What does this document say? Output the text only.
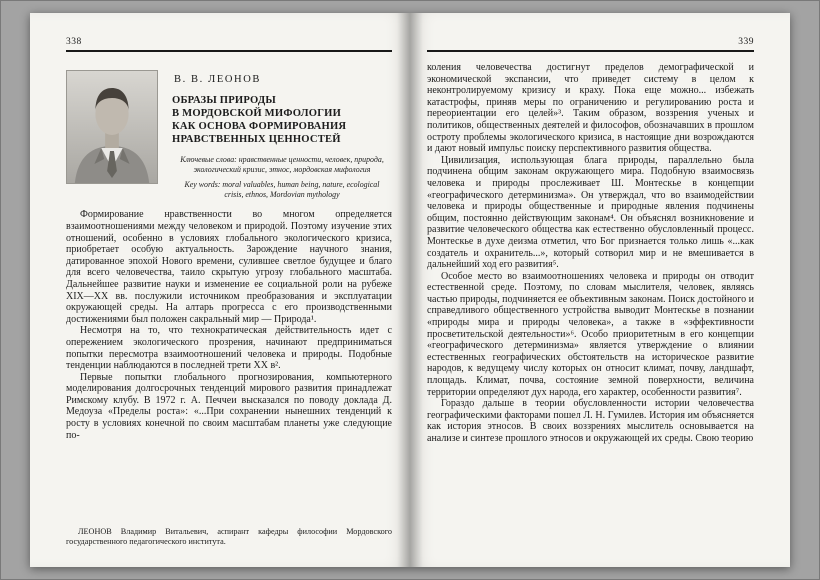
338
В. В. ЛЕОНОВ
ОБРАЗЫ ПРИРОДЫ
В МОРДОВСКОЙ МИФОЛОГИИ
КАК ОСНОВА ФОРМИРОВАНИЯ
НРАВСТВЕННЫХ ЦЕННОСТЕЙ

Ключевые слова: нравственные ценности, человек, природа, экологический кризис, этнос, мордовская мифология

Key words: moral valuables, human being, nature, ecological crisis, ethnos, Mordovian mythology

Формирование нравственности во многом определяется взаимоотношениями между человеком и природой. Поэтому изучение этих отношений, особенно в условиях глобального экологического кризиса, приобретает особую актуальность. Зарождение научного знания, датированное эпохой Нового времени, сулившее светлое будущее и благо для всего человечества, таило скрытую угрозу глобального масштаба. Дальнейшее развитие науки и изменение ее социальной роли на рубеже XIX—XX вв. послужили источником преобразования и эксплуатации окружающей среды. На алтарь прогресса с его производственными достижениями был положен сакральный мир — Природа¹.

Несмотря на то, что технократическая действительность идет с опережением экологического прозрения, начинают предприниматься попытки пересмотра взаимоотношений человека и природы. Подобные тенденции наблюдаются в последней трети XX в².

Первые попытки глобального прогнозирования, компьютерного моделирования долгосрочных тенденций мирового развития принадлежат Римскому клубу. В 1972 г. А. Печчеи высказался по поводу доклада Д. Медоуза «Пределы роста»: «...При сохранении нынешних тенденций к росту в условиях конечной по своим масштабам планеты уже следующие по-

ЛЕОНОВ Владимир Витальевич, аспирант кафедры философии Мордовского государственного педагогического института.
339

коления человечества достигнут пределов демографической и экономической экспансии, что приведет систему в целом к неконтролируемому кризису и краху. Пока еще можно... избежать катастрофы, приняв меры по ограничению и регулированию роста и переориентации его целей»³. Таким образом, воззрения ученых и политиков, общественных деятелей и философов, обозначавших в прошлом остроту проблемы экологического кризиса, в настоящие дни возрождаются и дают новый импульс поиску перспективного развития общества.

Цивилизация, использующая блага природы, параллельно была подчинена общим законам окружающего мира. Подобную взаимосвязь человека и природы прослеживает Ш. Монтескье в концепции «географического детерминизма». Он утверждал, что во взаимодействии человека и природы общественные и природные явления подчинены общим, постоянно действующим законам⁴. Он объяснял возникновение и развитие человеческого общества как естественно обусловленный процесс. Монтескье в духе деизма отметил, что Бог признается только лишь «...как создатель и охранитель...», который сотворил мир и не вмешивается в дальнейший ход его развития⁵.

Особое место во взаимоотношениях человека и природы он отводит естественной среде. Поэтому, по словам мыслителя, человек, являясь частью природы, подчиняется ее объективным законам. Поиск достойного и справедливого общественного устройства выводит Монтескье в познании «природы мира и природы человека», а также в «эффективности просветительской деятельности»⁶. Особо приоритетным в его концепции «географического детерминизма» является утверждение о влиянии естественных географических обстоятельств на историческое развитие народов, к ведущему числу которых он относит климат, почву, ландшафт, площадь. Климат, почва, состояние земной поверхности, величина территории определяют дух народа, его характер, особенности развития⁷.

Гораздо дальше в теории обусловленности истории человечества географическими факторами пошел Л. Н. Гумилев. История им объясняется как история этносов. В своих воззрениях мыслитель основывается на анализе и синтезе прошлого этносов и окружающей их среды. Свою теорию
